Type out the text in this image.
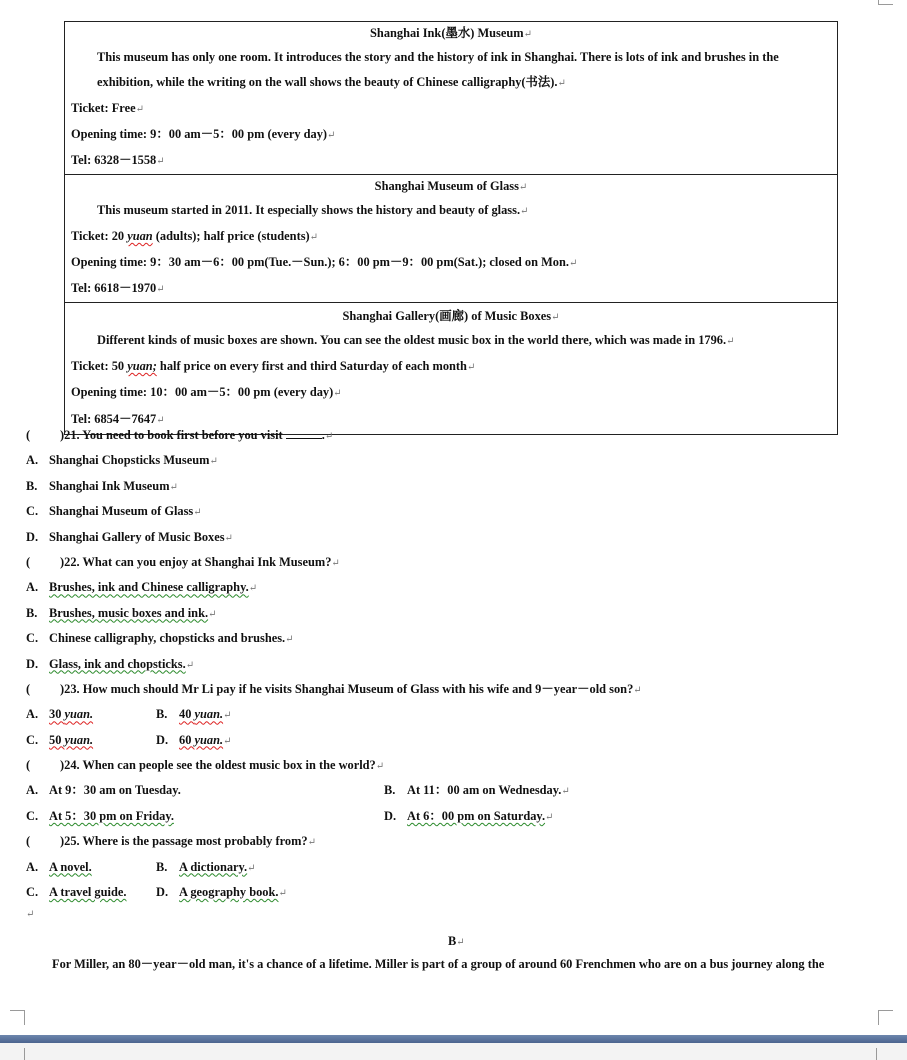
Shanghai Ink(墨水) Museum↵
This museum has only one room. It introduces the story and the history of ink in Shanghai. There is lots of ink and brushes in the exhibition, while the writing on the wall shows the beauty of Chinese calligraphy(书法).↵
Ticket: Free↵
Opening time: 9：00 am－5：00 pm (every day)↵
Tel: 6328－1558↵
Shanghai Museum of Glass↵
This museum started in 2011. It especially shows the history and beauty of glass.↵
Ticket: 20 yuan (adults); half price (students)↵
Opening time: 9：30 am－6：00 pm(Tue.－Sun.); 6：00 pm－9：00 pm(Sat.); closed on Mon.↵
Tel: 6618－1970↵
Shanghai Gallery(画廊) of Music Boxes↵
Different kinds of music boxes are shown. You can see the oldest music box in the world there, which was made in 1796.↵
Ticket: 50 yuan; half price on every first and third Saturday of each month↵
Opening time: 10：00 am－5：00 pm (every day)↵
Tel: 6854－7647↵
( )21. You need to book first before you visit	.↵
A. Shanghai Chopsticks Museum↵
B. Shanghai Ink Museum↵
C. Shanghai Museum of Glass↵
D. Shanghai Gallery of Music Boxes↵
( )22. What can you enjoy at Shanghai Ink Museum?↵
A. Brushes, ink and Chinese calligraphy.↵
B. Brushes, music boxes and ink.↵
C. Chinese calligraphy, chopsticks and brushes.↵
D. Glass, ink and chopsticks.↵
( )23. How much should Mr Li pay if he visits Shanghai Museum of Glass with his wife and 9－year－old son?↵
A. 30 yuan.	B. 40 yuan.↵
C. 50 yuan.	D. 60 yuan.↵
( )24. When can people see the oldest music box in the world?↵
A. At 9：30 am on Tuesday.	B. At 11：00 am on Wednesday.↵
C. At 5：30 pm on Friday.	D. At 6：00 pm on Saturday.↵
( )25. Where is the passage most probably from?↵
A. A novel.	B. A dictionary.↵
C. A travel guide. D. A geography book.↵
↵
B↵
For Miller, an 80－year－old man, it's a chance of a lifetime. Miller is part of a group of around 60 Frenchmen who are on a bus journey along the
